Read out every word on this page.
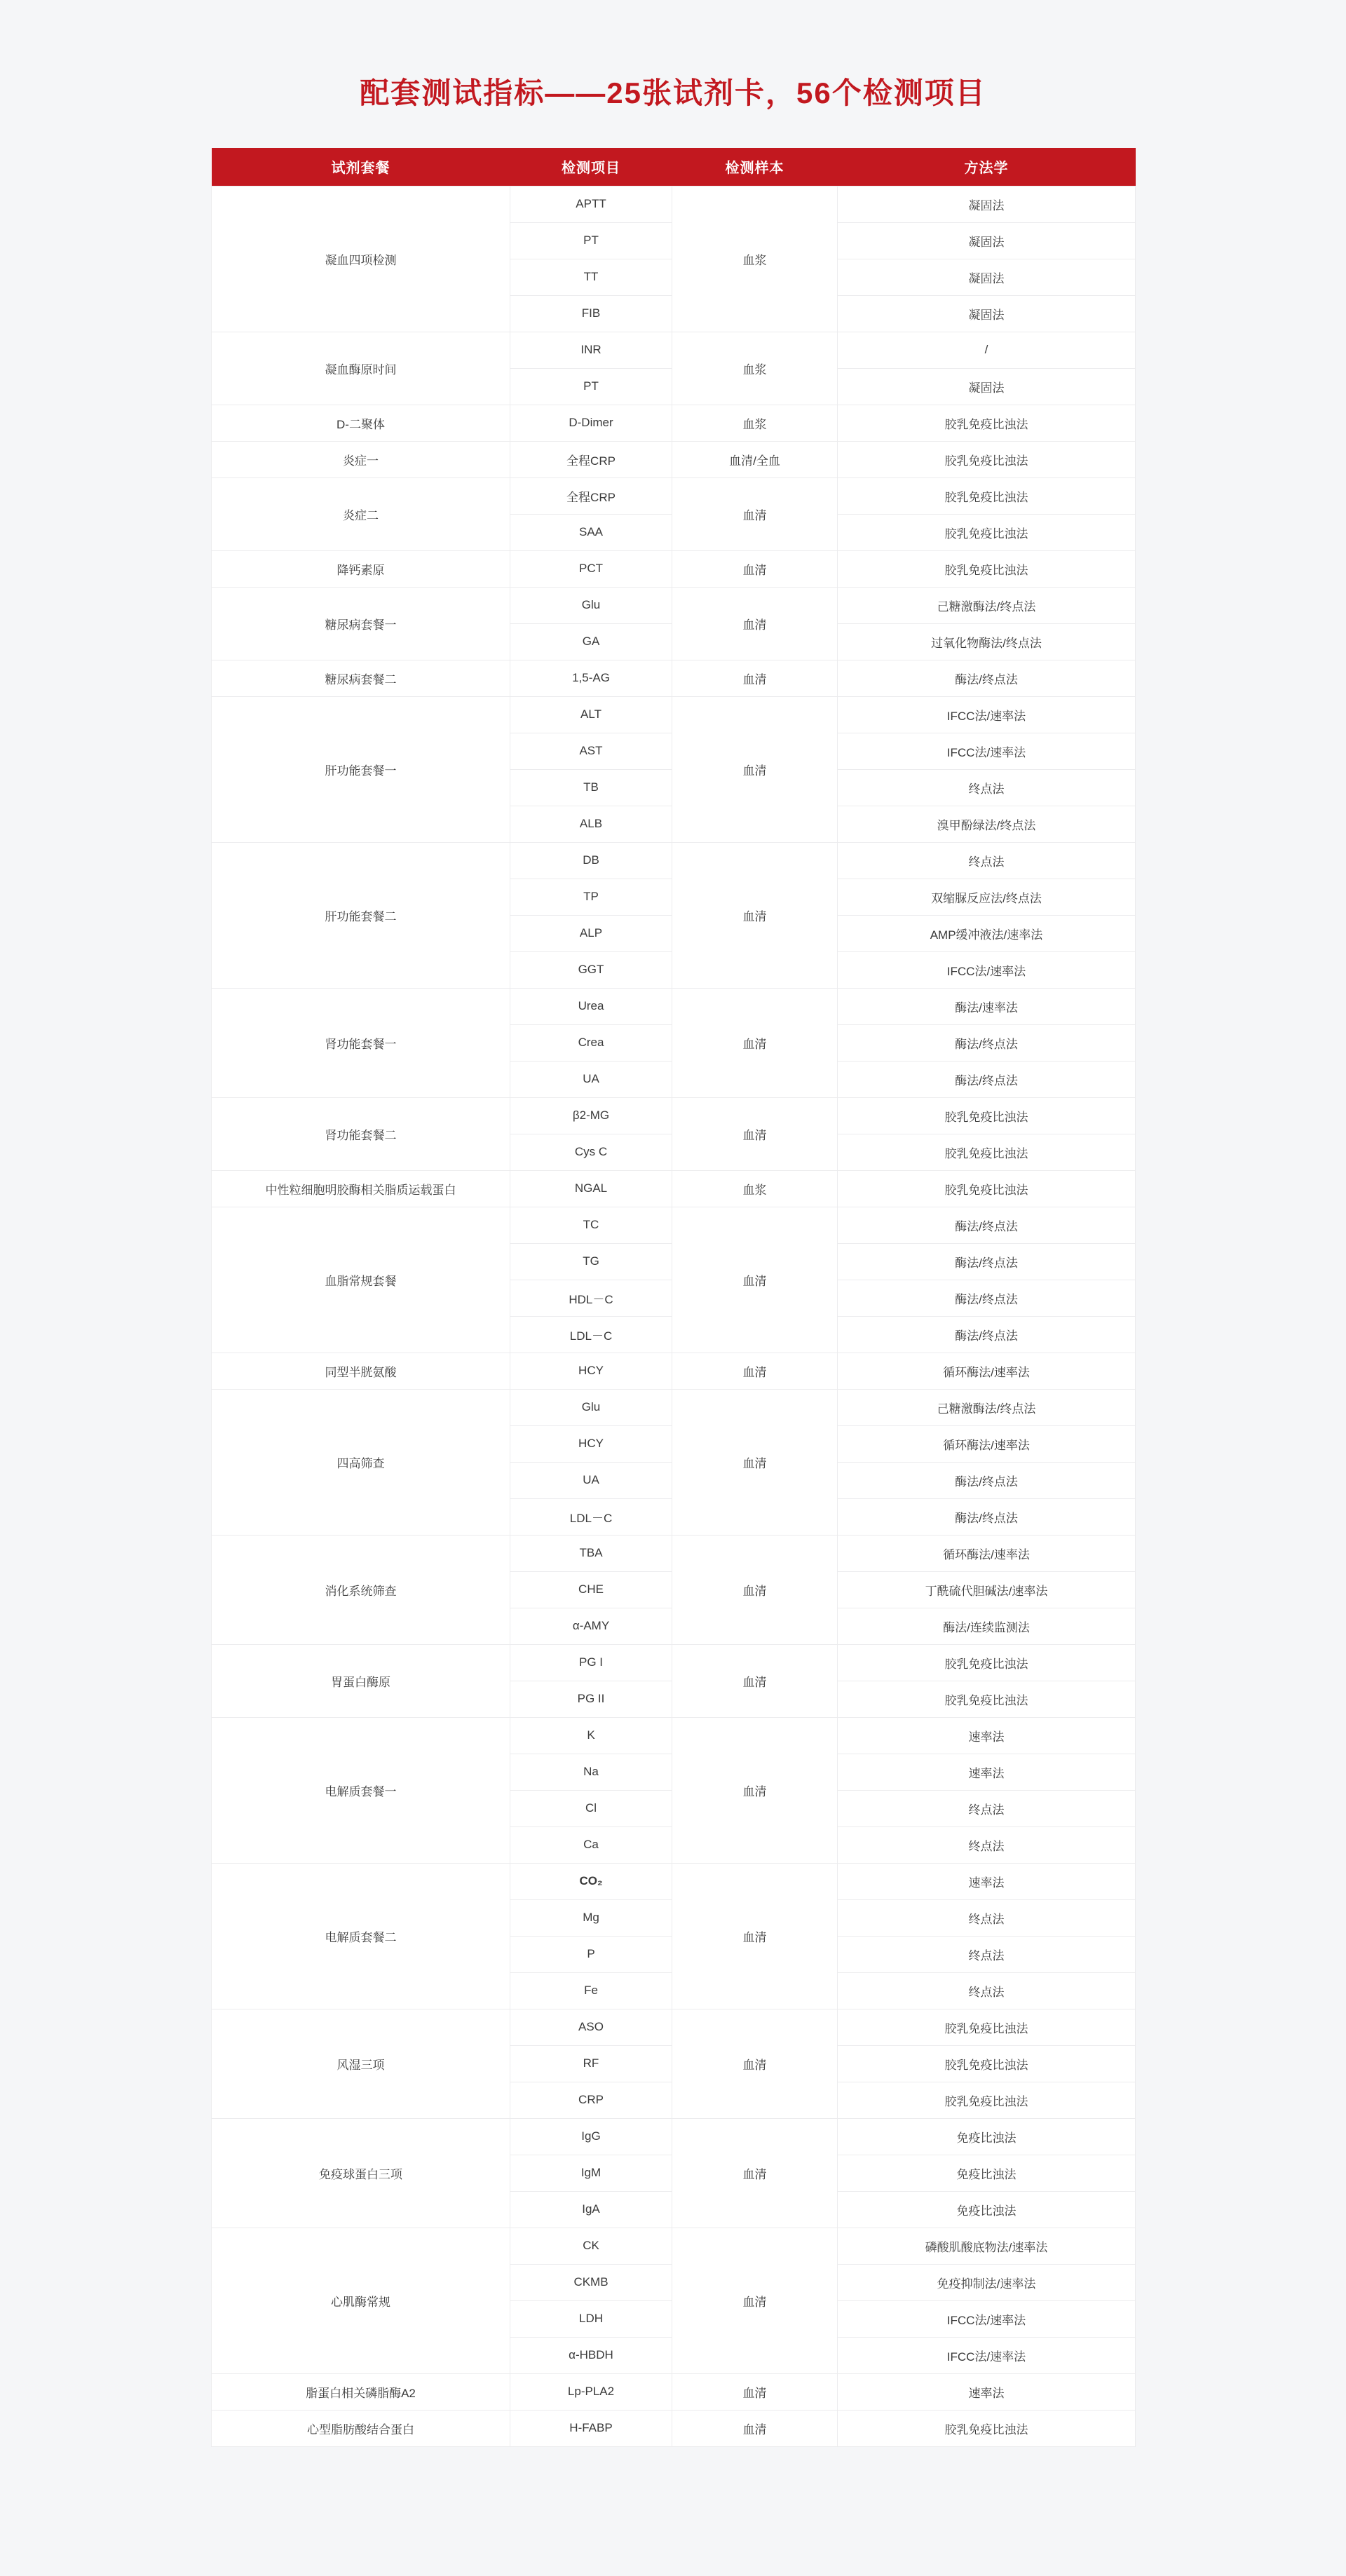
配套测试指标——25张试剂卡，56个检测项目
试剂套餐	检测项目	检测样本	方法学
凝血四项检测	APTT	血浆	凝固法
	PT		凝固法
	TT		凝固法
	FIB		凝固法
凝血酶原时间	INR	血浆	/
	PT		凝固法
D-二聚体	D-Dimer	血浆	胶乳免疫比浊法
炎症一	全程CRP	血清/全血	胶乳免疫比浊法
炎症二	全程CRP	血清	胶乳免疫比浊法
	SAA		胶乳免疫比浊法
降钙素原	PCT	血清	胶乳免疫比浊法
糖尿病套餐一	Glu	血清	己糖激酶法/终点法
	GA		过氧化物酶法/终点法
糖尿病套餐二	1,5-AG	血清	酶法/终点法
肝功能套餐一	ALT	血清	IFCC法/速率法
	AST		IFCC法/速率法
	TB		终点法
	ALB		溴甲酚绿法/终点法
肝功能套餐二	DB	血清	终点法
	TP		双缩脲反应法/终点法
	ALP		AMP缓冲液法/速率法
	GGT		IFCC法/速率法
肾功能套餐一	Urea	血清	酶法/速率法
	Crea		酶法/终点法
	UA		酶法/终点法
肾功能套餐二	β2-MG	血清	胶乳免疫比浊法
	Cys C		胶乳免疫比浊法
中性粒细胞明胶酶相关脂质运载蛋白	NGAL	血浆	胶乳免疫比浊法
血脂常规套餐	TC	血清	酶法/终点法
	TG		酶法/终点法
	HDL－C		酶法/终点法
	LDL－C		酶法/终点法
同型半胱氨酸	HCY	血清	循环酶法/速率法
四高筛查	Glu	血清	己糖激酶法/终点法
	HCY		循环酶法/速率法
	UA		酶法/终点法
	LDL－C		酶法/终点法
消化系统筛查	TBA	血清	循环酶法/速率法
	CHE		丁酰硫代胆碱法/速率法
	α-AMY		酶法/连续监测法
胃蛋白酶原	PG I	血清	胶乳免疫比浊法
	PG II		胶乳免疫比浊法
电解质套餐一	K	血清	速率法
	Na		速率法
	Cl		终点法
	Ca		终点法
电解质套餐二	CO₂	血清	速率法
	Mg		终点法
	P		终点法
	Fe		终点法
风湿三项	ASO	血清	胶乳免疫比浊法
	RF		胶乳免疫比浊法
	CRP		胶乳免疫比浊法
免疫球蛋白三项	IgG	血清	免疫比浊法
	IgM		免疫比浊法
	IgA		免疫比浊法
心肌酶常规	CK	血清	磷酸肌酸底物法/速率法
	CKMB		免疫抑制法/速率法
	LDH		IFCC法/速率法
	α-HBDH		IFCC法/速率法
脂蛋白相关磷脂酶A2	Lp-PLA2	血清	速率法
心型脂肪酸结合蛋白	H-FABP	血清	胶乳免疫比浊法
